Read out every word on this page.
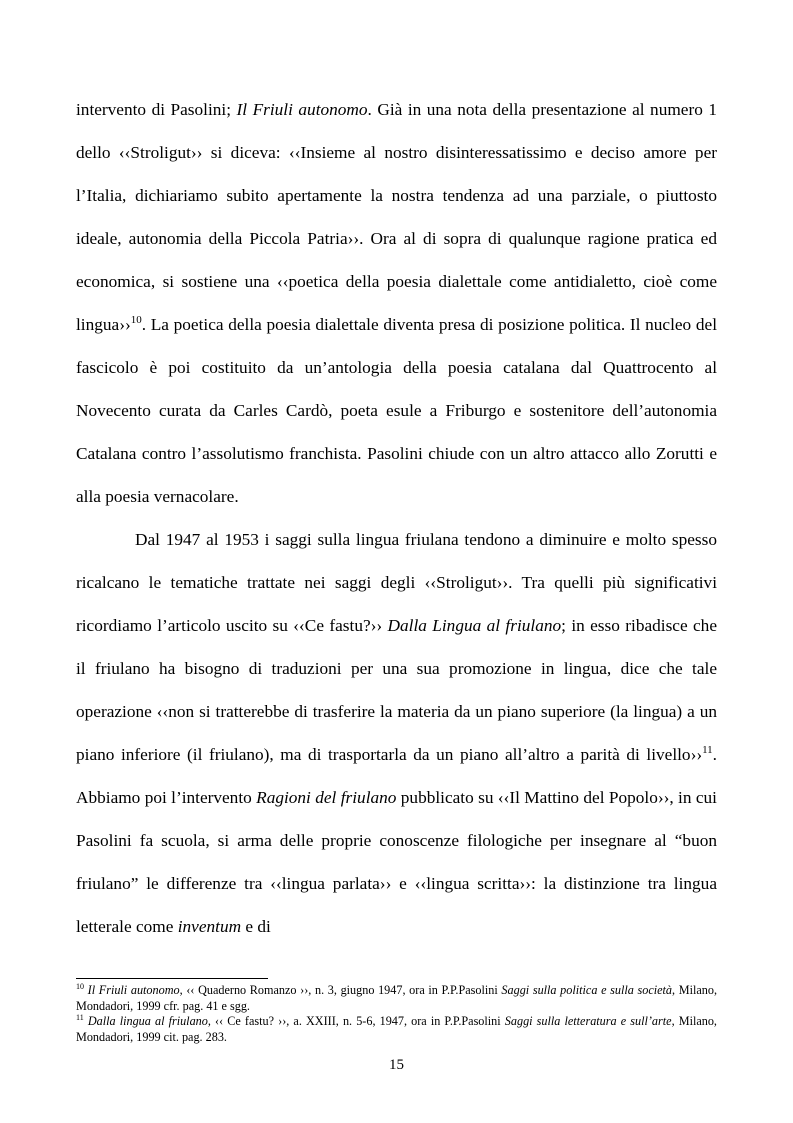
intervento di Pasolini; Il Friuli autonomo. Già in una nota della presentazione al numero 1 dello ‹‹Stroligut›› si diceva: ‹‹Insieme al nostro disinteressatissimo e deciso amore per l’Italia, dichiariamo subito apertamente la nostra tendenza ad una parziale, o piuttosto ideale, autonomia della Piccola Patria››. Ora al di sopra di qualunque ragione pratica ed economica, si sostiene una ‹‹poetica della poesia dialettale come antidialetto, cioè come lingua››$^{10}$. La poetica della poesia dialettale diventa presa di posizione politica. Il nucleo del fascicolo è poi costituito da un’antologia della poesia catalana dal Quattrocento al Novecento curata da Carles Cardò, poeta esule a Friburgo e sostenitore dell’autonomia Catalana contro l’assolutismo franchista. Pasolini chiude con un altro attacco allo Zorutti e alla poesia vernacolare.

Dal 1947 al 1953 i saggi sulla lingua friulana tendono a diminuire e molto spesso ricalcano le tematiche trattate nei saggi degli ‹‹Stroligut››. Tra quelli più significativi ricordiamo l’articolo uscito su ‹‹Ce fastu?›› Dalla Lingua al friulano; in esso ribadisce che il friulano ha bisogno di traduzioni per una sua promozione in lingua, dice che tale operazione ‹‹non si tratterebbe di trasferire la materia da un piano superiore (la lingua) a un piano inferiore (il friulano), ma di trasportarla da un piano all’altro a parità di livello››$^{11}$. Abbiamo poi l’intervento Ragioni del friulano pubblicato su ‹‹Il Mattino del Popolo››, in cui Pasolini fa scuola, si arma delle proprie conoscenze filologiche per insegnare al “buon friulano” le differenze tra ‹‹lingua parlata›› e ‹‹lingua scritta››: la distinzione tra lingua letterale come inventum e di

$^{10}$ Il Friuli autonomo, ‹‹ Quaderno Romanzo ››, n. 3, giugno 1947, ora in P.P.Pasolini Saggi sulla politica e sulla società, Milano, Mondadori, 1999 cfr. pag. 41 e sgg.

$^{11}$ Dalla lingua al friulano, ‹‹ Ce fastu? ››, a. XXIII, n. 5-6, 1947, ora in P.P.Pasolini Saggi sulla letteratura e sull’arte, Milano, Mondadori, 1999 cit. pag. 283.

15
